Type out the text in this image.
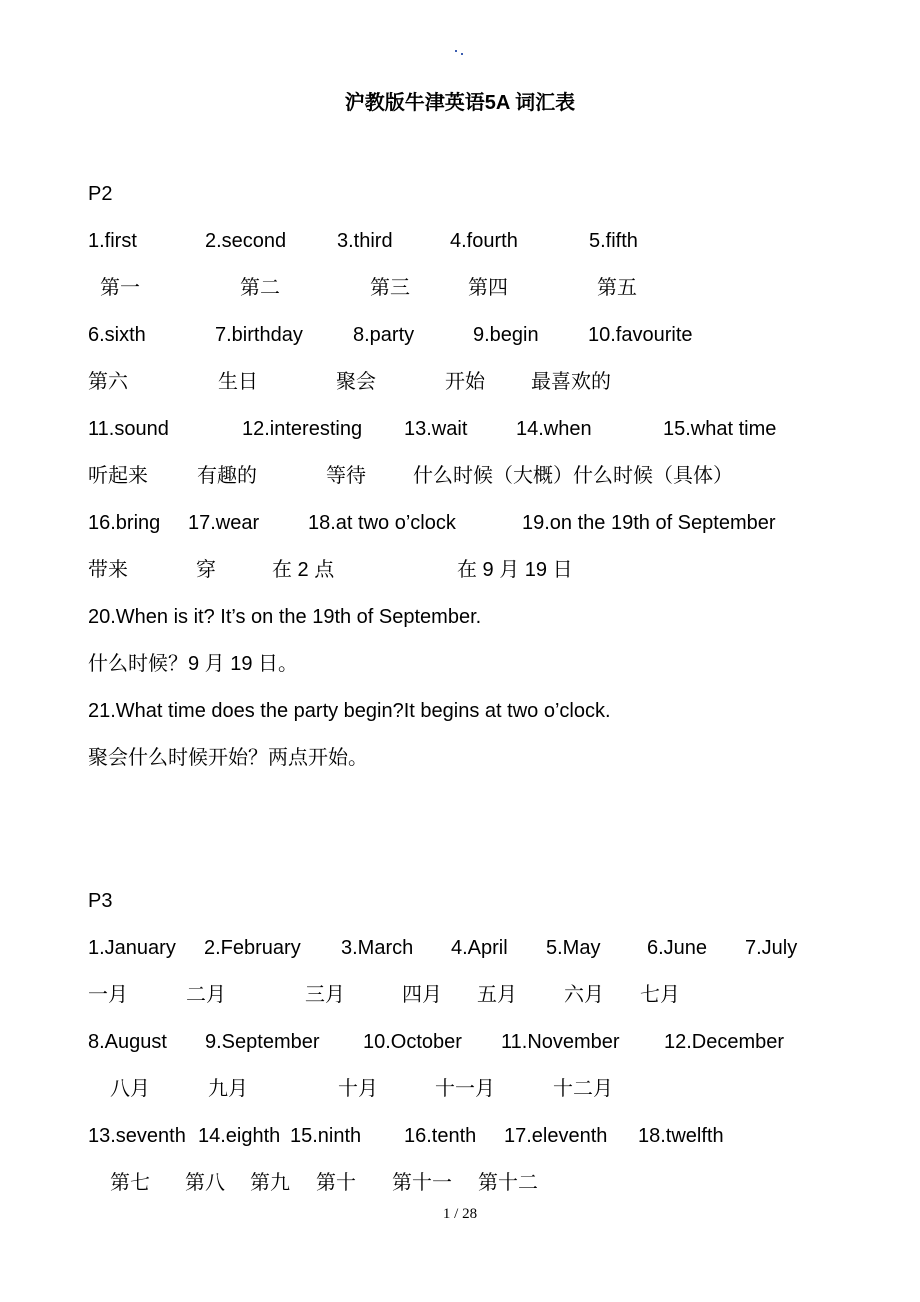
沪教版牛津英语5A 词汇表
P2
1.first	2.second	3.third	4.fourth	5.fifth
第一	第二	第三	第四	第五
6.sixth	7.birthday	8.party	9.begin 10.favourite
第六	生日	聚会	开始 最喜欢的
11.sound	12.interesting 13.wait 14.when	15.what time
听起来 有趣的	等待 什么时候（大概）什么时候（具体）
16.bring 17.wear 18.at two o’clock	19.on the 19th of September
带来	穿	在 2 点	在 9 月 19 日
20.When is it? It’s on the 19th of September.
什么时候？9 月 19 日。
21.What time does the party begin?It begins at two o’clock.
聚会什么时候开始？两点开始。
P3
1.January 2.February 3.March 4.April 5.May 6.June 7.July
一月	二月	三月	四月 五月 六月 七月
8.August 9.September 10.October 11.November 12.December
八月	九月	十月	十一月	十二月
13.seventh 14.eighth 15.ninth 16.tenth 17.eleventh 18.twelfth
第七 第八 第九 第十 第十一 第十二
1 / 28
